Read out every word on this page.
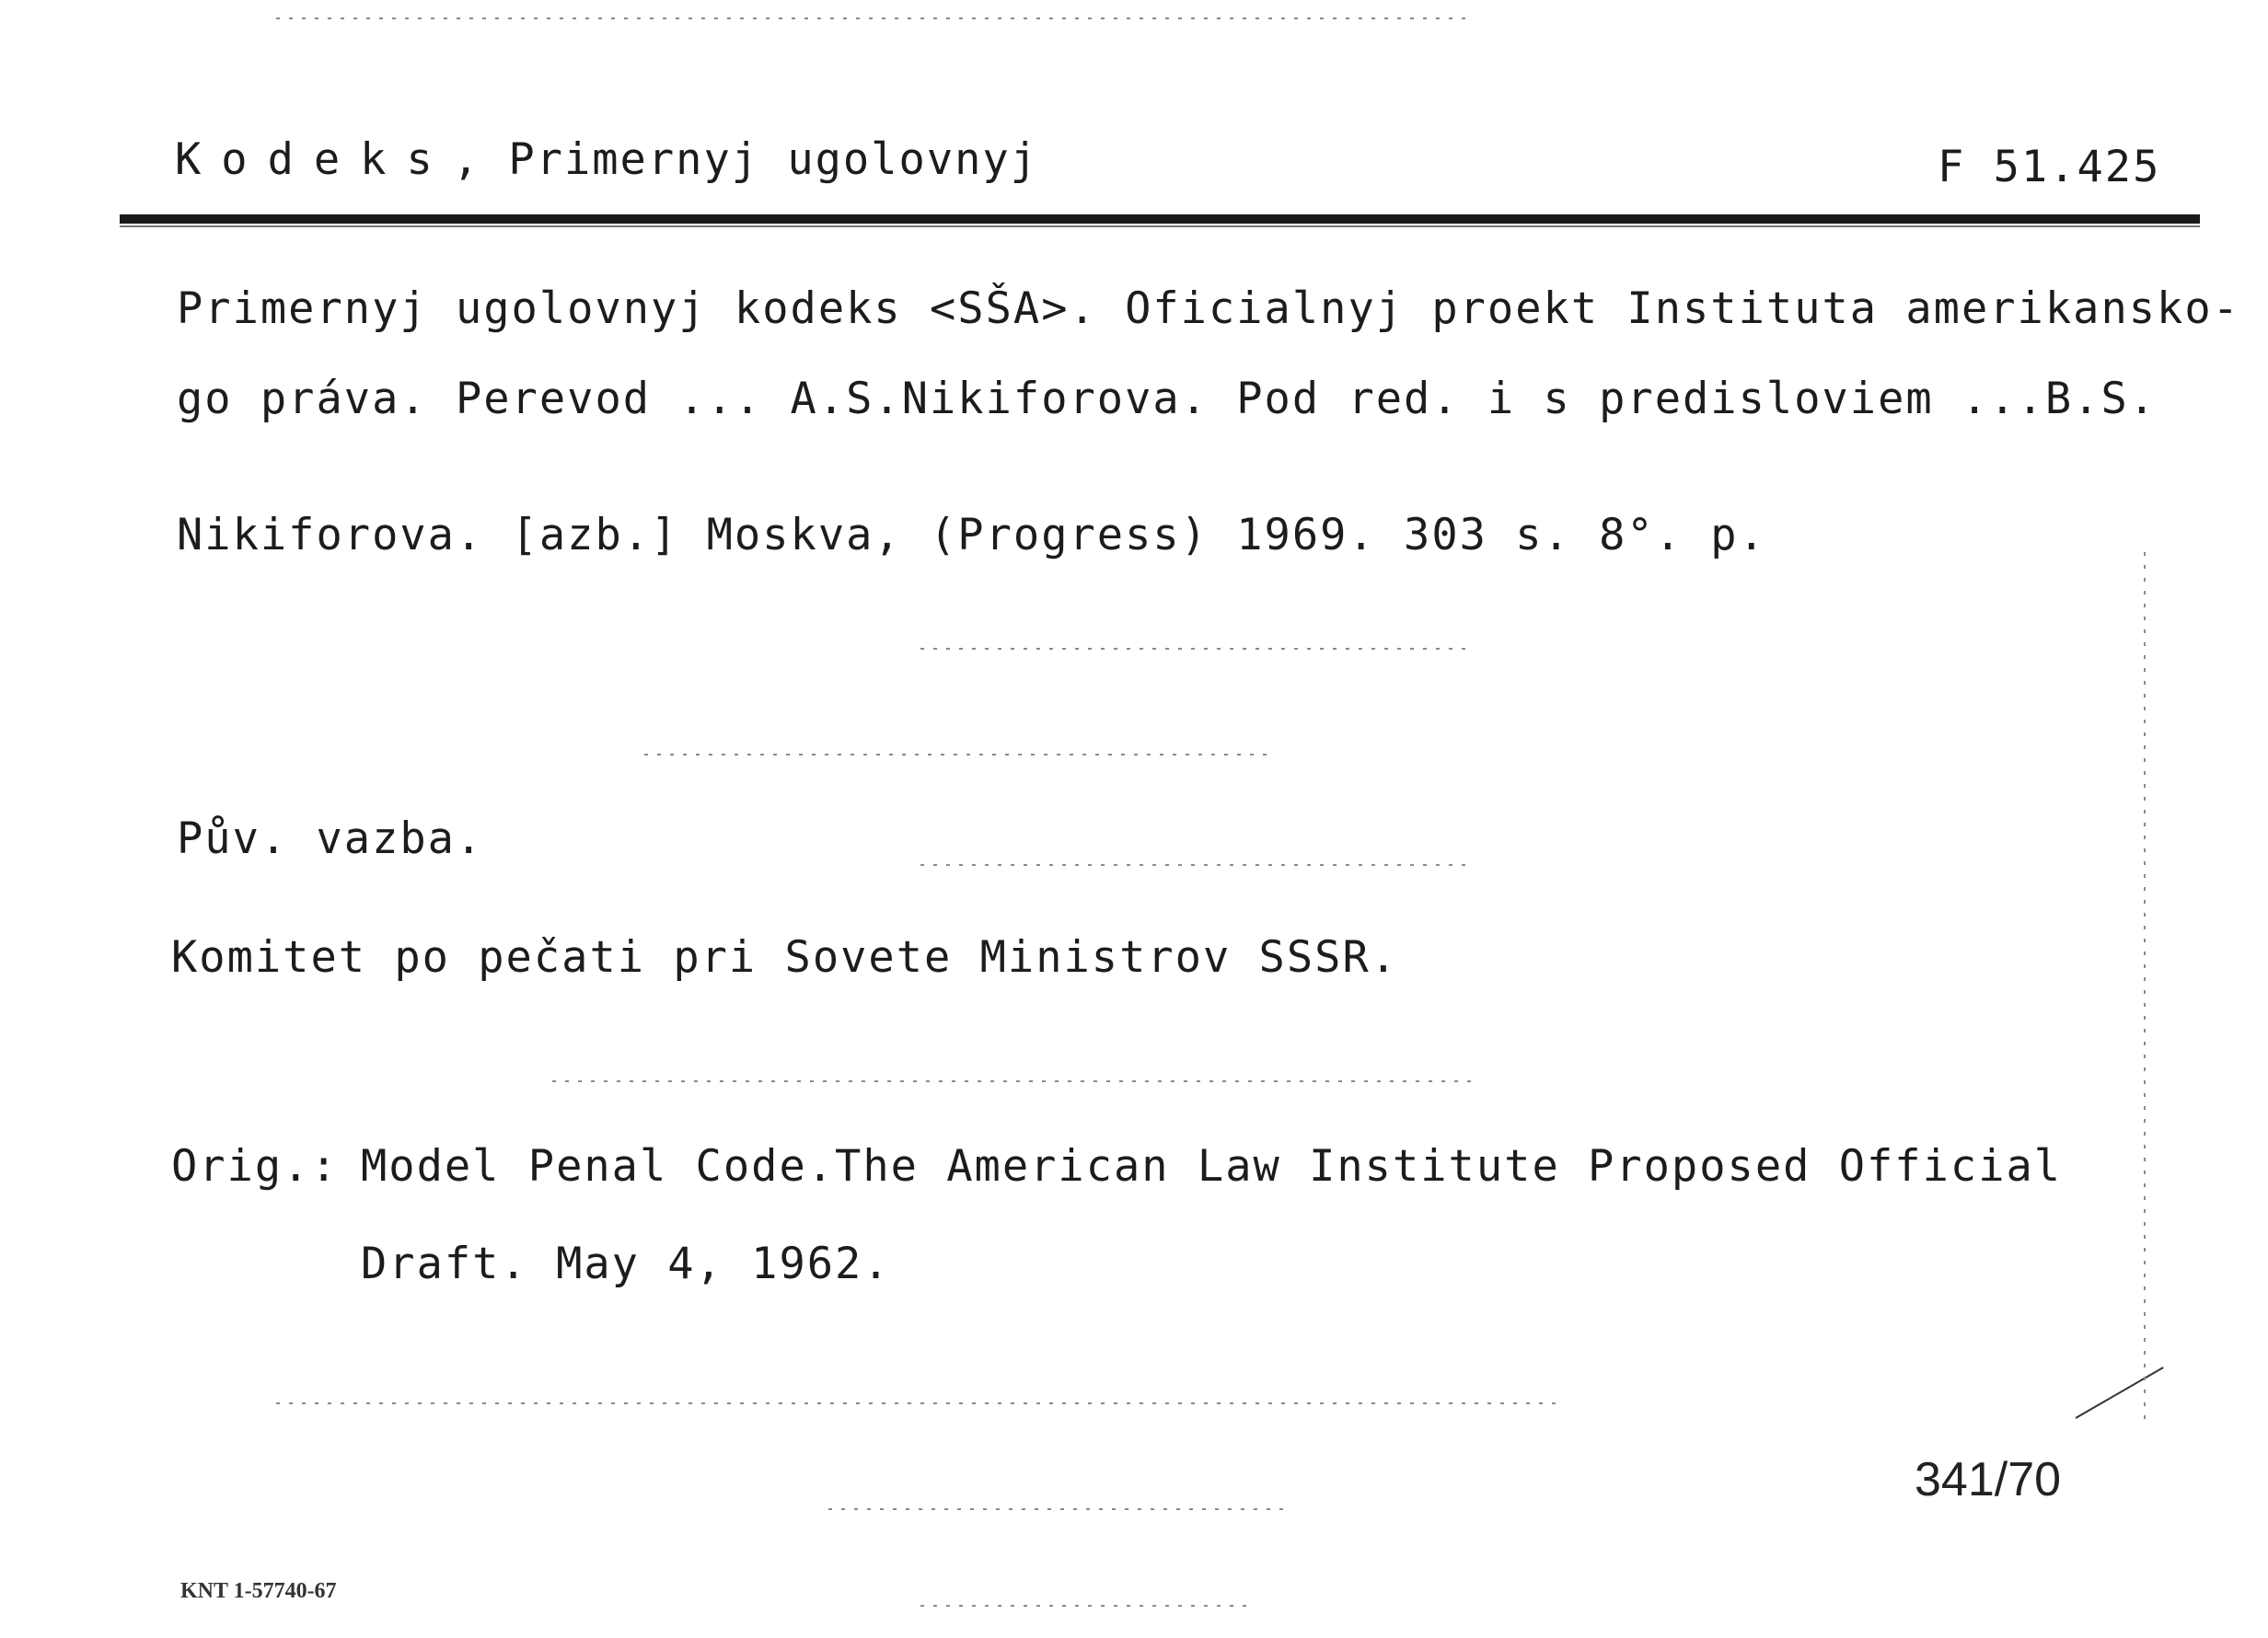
Kodeks, Primernyj ugolovnyj	F 51.425
Primernyj ugolovnyj kodeks <SŠA>. Oficialnyj proekt Instituta amerikansko-
go práva. Perevod ... A.S.Nikiforova. Pod red. i s predisloviem ...B.S.
Nikiforova. [azb.] Moskva, (Progress) 1969. 303 s. 8°. p.
Pův. vazba.
Komitet po pečati pri Sovete Ministrov SSSR.
Orig.: Model Penal Code.The American Law Institute Proposed Official
Draft. May 4, 1962.
341/70
KNT 1-57740-67
